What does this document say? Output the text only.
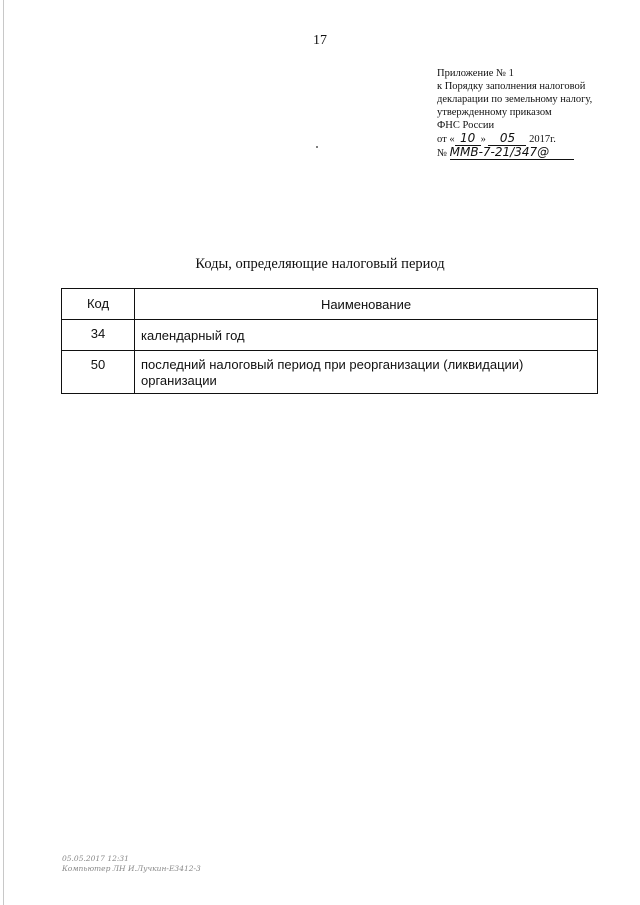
17
Приложение № 1
к Порядку заполнения налоговой
декларации по земельному налогу,
утвержденному приказом
ФНС России
от « 10 » 05 2017г.
№ ММВ-7-21/347@
Коды, определяющие налоговый период
Код	Наименование
34	календарный год
50	последний налоговый период при реорганизации (ликвидации) организации
05.05.2017 12:31
Компьютер ЛН И.Лучкин-E3412-3
